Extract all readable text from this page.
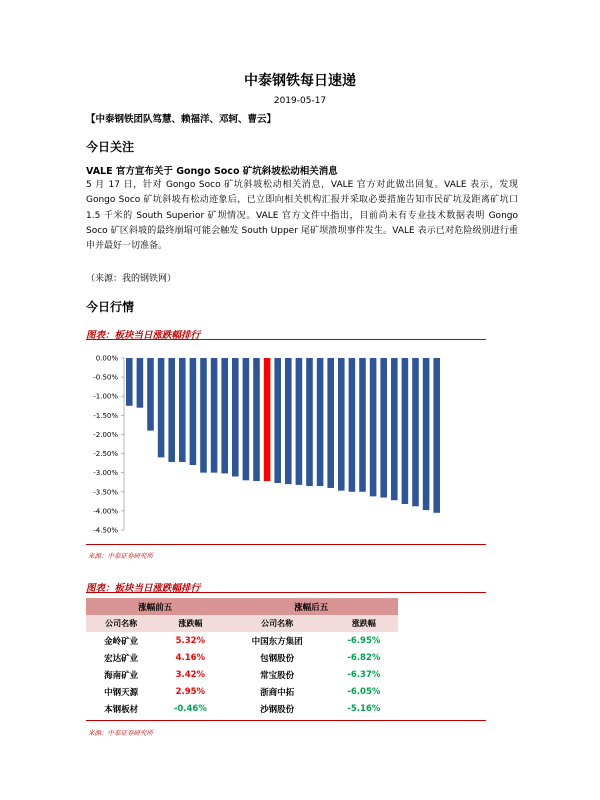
中泰钢铁每日速递
2019-05-17
【中泰钢铁团队笃慧、赖福洋、邓轲、曹云】
今日关注
VALE 官方宣布关于 Gongo Soco 矿坑斜坡松动相关消息
5 月 17 日，针对 Gongo Soco 矿坑斜坡松动相关消息，VALE 官方对此做出回复。VALE 表示，发现 Gongo Soco 矿坑斜坡有松动迹象后，已立即向相关机构汇报并采取必要措施告知市民矿坑及距离矿坑口 1.5 千米的 South Superior 矿坝情况。VALE 官方文件中指出，目前尚未有专业技术数据表明 Gongo Soco 矿区斜坡的最终崩塌可能会触发 South Upper 尾矿坝溃坝事件发生。VALE 表示已对危险级别进行重申并最好一切准备。
（来源：我的钢铁网）
今日行情
图表：板块当日涨跌幅排行
0.00%
-0.50%
-1.00%
-1.50%
-2.00%
-2.50%
-3.00%
-3.50%
-4.00%
-4.50%
来源：中泰证券研究所
图表：板块当日涨跌幅排行
涨幅前五		涨幅后五	
公司名称	涨跌幅	公司名称	涨跌幅
金岭矿业	5.32%	中国东方集团	-6.95%
宏达矿业	4.16%	包钢股份	-6.82%
海南矿业	3.42%	常宝股份	-6.37%
中钢天源	2.95%	浙商中拓	-6.05%
本钢板材	-0.46%	沙钢股份	-5.16%
来源：中泰证券研究所
